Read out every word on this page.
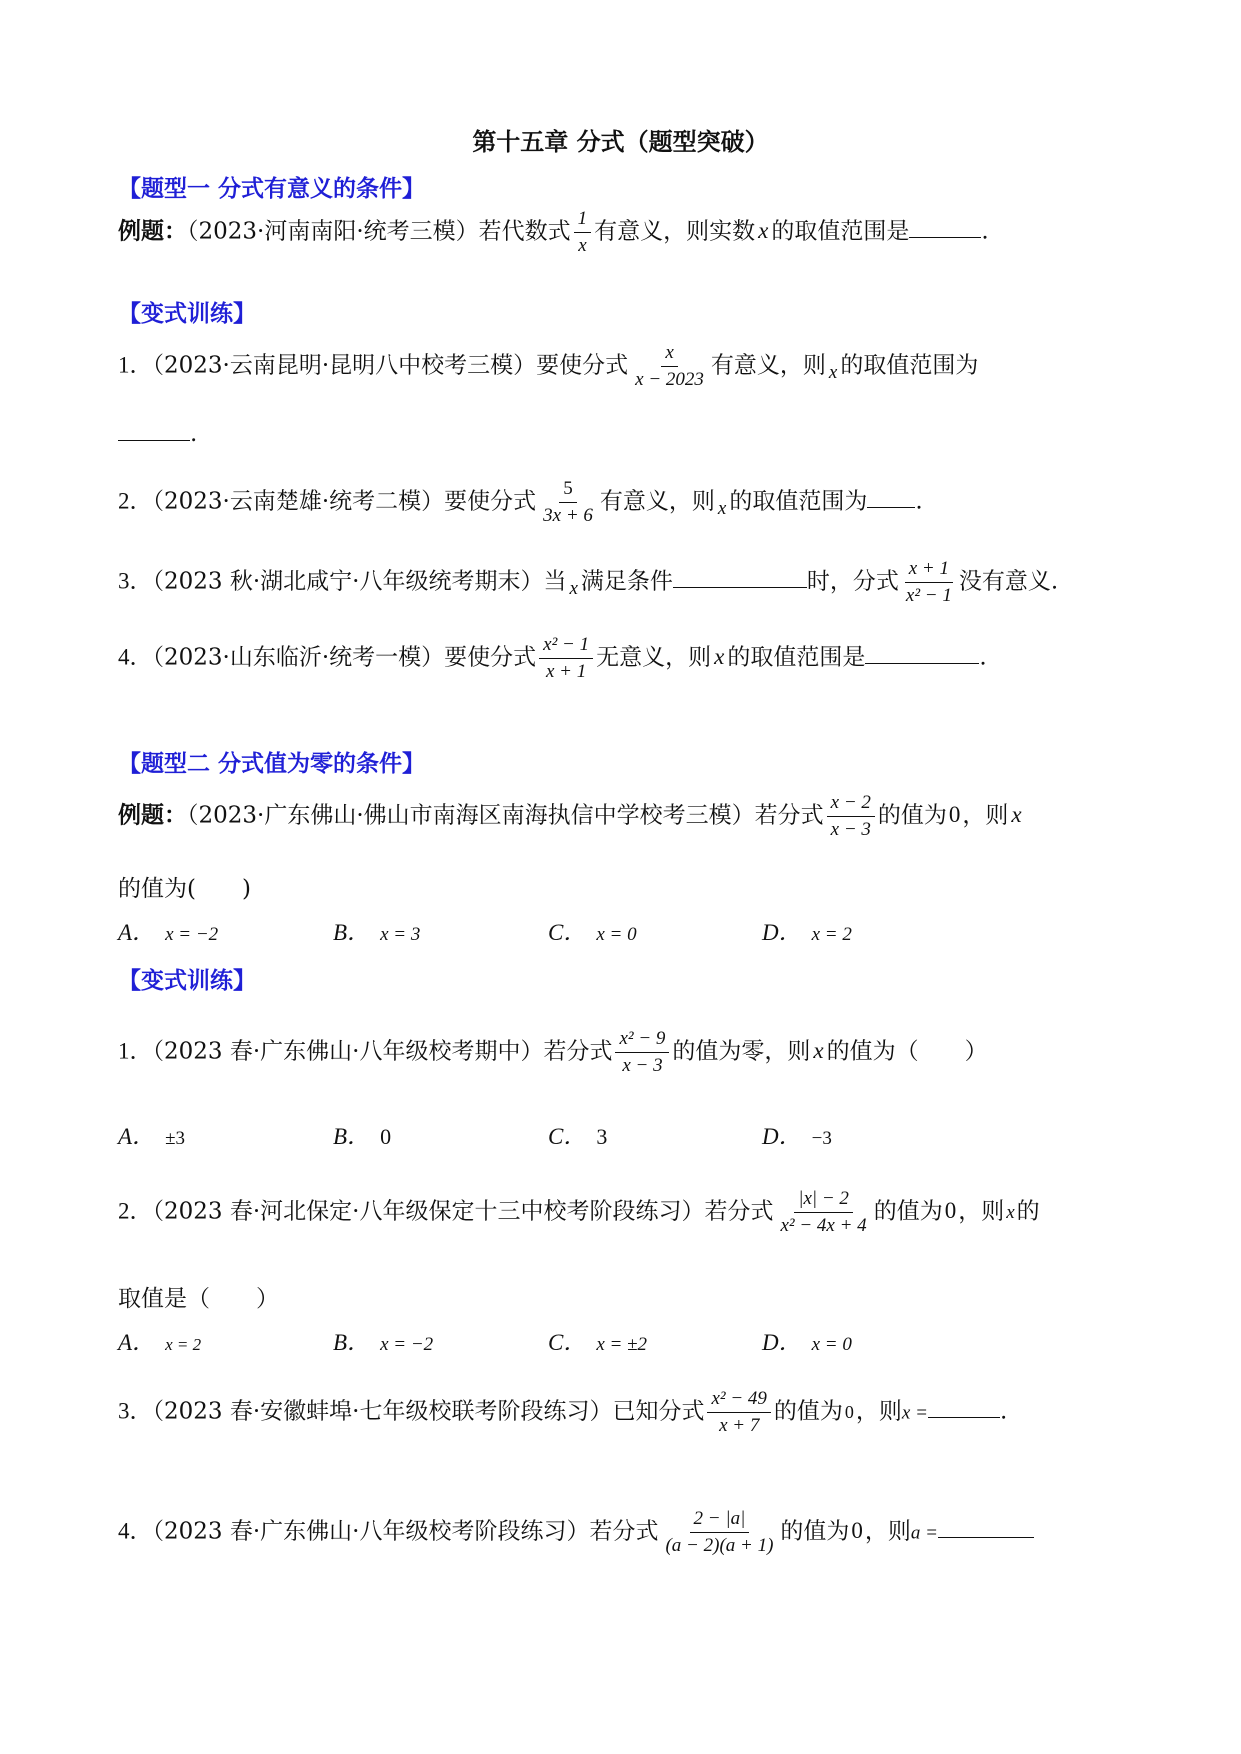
第十五章 分式（题型突破）
【题型一 分式有意义的条件】
例题：（2023·河南南阳·统考三模）若代数式 $\frac{1}{x}$ 有意义，则实数 x 的取值范围是	.
【变式训练】
1．（2023·云南昆明·昆明八中校考三模）要使分式 $\frac{x}{x - 2023}$ 有意义，则 $_x$ 的取值范围为
.
2．（2023·云南楚雄·统考二模）要使分式 $\frac{5}{3x + 6}$ 有意义，则 $_x$ 的取值范围为 .
3．（2023 秋·湖北咸宁·八年级统考期末）当 $_x$ 满足条件	时，分式 $\frac{x + 1}{\text{x² − 1}}$ 没有意义.
4．（2023·山东临沂·统考一模）要使分式 $\frac{\text{x² − 1}}{x + 1}$ 无意义，则 x 的取值范围是	.
【题型二 分式值为零的条件】
例题：（2023·广东佛山·佛山市南海区南海执信中学校考三模）若分式 $\frac{x - 2}{x - 3}$ 的值为0，则 x
的值为(　　)
A． x = −2	B． x = 3	C． x = 0	D． x = 2
【变式训练】
1．（2023 春·广东佛山·八年级校考期中）若分式 $\frac{\text{x² − 9}}{x - 3}$ 的值为零，则 x 的值为（　　）
A． ±3	B． 0	C． 3	D． −3
2．（2023 春·河北保定·八年级保定十三中校考阶段练习）若分式 $\frac{|x| - 2}{\text{x² − 4x + 4}}$ 的值为0，则 x的
取值是（　　）
A． x = 2	B． x = −2	C． x = ±2	D． x = 0
3．（2023 春·安徽蚌埠·七年级校联考阶段练习）已知分式 $\frac{\text{x² − 49}}{x + 7}$ 的值为 0，则x =	.
4．（2023 春·广东佛山·八年级校考阶段练习）若分式 $\frac{2 - |a|}{(a - 2)(a + 1)}$ 的值为0，则a =
